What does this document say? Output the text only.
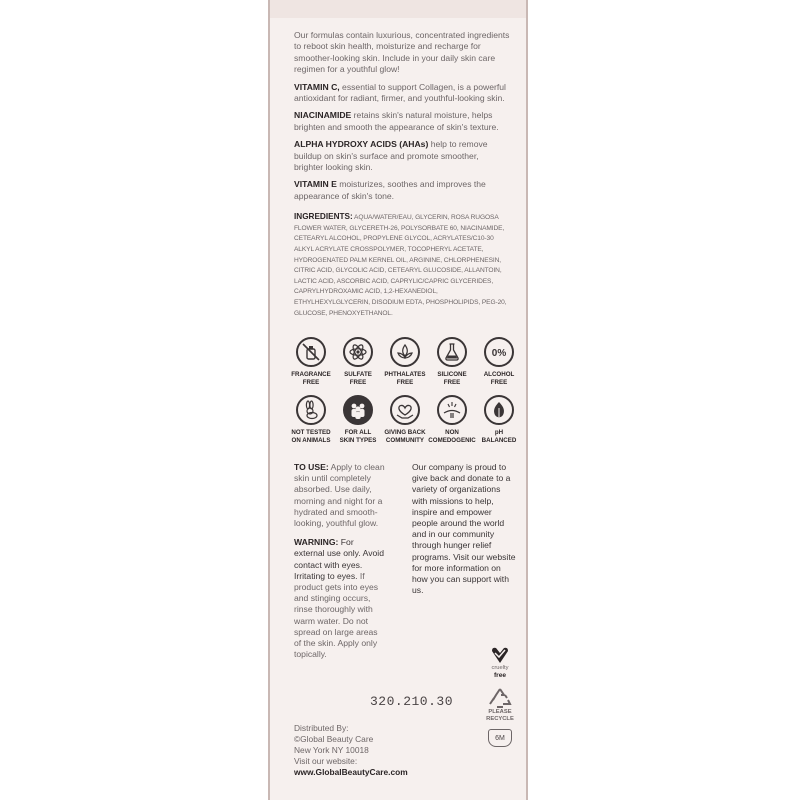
Our formulas contain luxurious, concentrated ingredients to reboot skin health, moisturize and recharge for smoother-looking skin. Include in your daily skin care regimen for a youthful glow!

VITAMIN C, essential to support Collagen, is a powerful antioxidant for radiant, firmer, and youthful-looking skin.

NIACINAMIDE retains skin's natural moisture, helps brighten and smooth the appearance of skin's texture.

ALPHA HYDROXY ACIDS (AHAs) help to remove buildup on skin's surface and promote smoother, brighter looking skin.

VITAMIN E moisturizes, soothes and improves the appearance of skin's tone.

INGREDIENTS: AQUA/WATER/EAU, GLYCERIN, ROSA RUGOSA FLOWER WATER, GLYCERETH-26, POLYSORBATE 60, NIACINAMIDE, CETEARYL ALCOHOL, PROPYLENE GLYCOL, ACRYLATES/C10-30 ALKYL ACRYLATE CROSSPOLYMER, TOCOPHERYL ACETATE, HYDROGENATED PALM KERNEL OIL, ARGININE, CHLORPHENESIN, CITRIC ACID, GLYCOLIC ACID, CETEARYL GLUCOSIDE, ALLANTOIN, LACTIC ACID, ASCORBIC ACID, CAPRYLIC/CAPRIC GLYCERIDES, CAPRYLHYDROXAMIC ACID, 1,2-HEXANEDIOL, ETHYLHEXYLGLYCERIN, DISODIUM EDTA, PHOSPHOLIPIDS, PEG-20, GLUCOSE, PHENOXYETHANOL.

FRAGRANCE
FREE
SULFATE
FREE
PHTHALATES
FREE
SILICONE
FREE
0%
ALCOHOL
FREE
NOT TESTED
ON ANIMALS
FOR ALL
SKIN TYPES
GIVING BACK
COMMUNITY
NON
COMEDOGENIC
pH
BALANCED

TO USE: Apply to clean skin until completely absorbed. Use daily, morning and night for a hydrated and smooth-looking, youthful glow.

WARNING: For external use only. Avoid contact with eyes. Irritating to eyes. If product gets into eyes and stinging occurs, rinse thoroughly with warm water. Do not spread on large areas of the skin. Apply only topically.

Our company is proud to give back and donate to a variety of organizations with missions to help, inspire and empower people around the world and in our community through hunger relief programs. Visit our website for more information on how you can support with us.

cruelty
free
PLEASE
RECYCLE
6M
320.210.30
Distributed By:
©Global Beauty Care
New York NY 10018
Visit our website:
www.GlobalBeautyCare.com
